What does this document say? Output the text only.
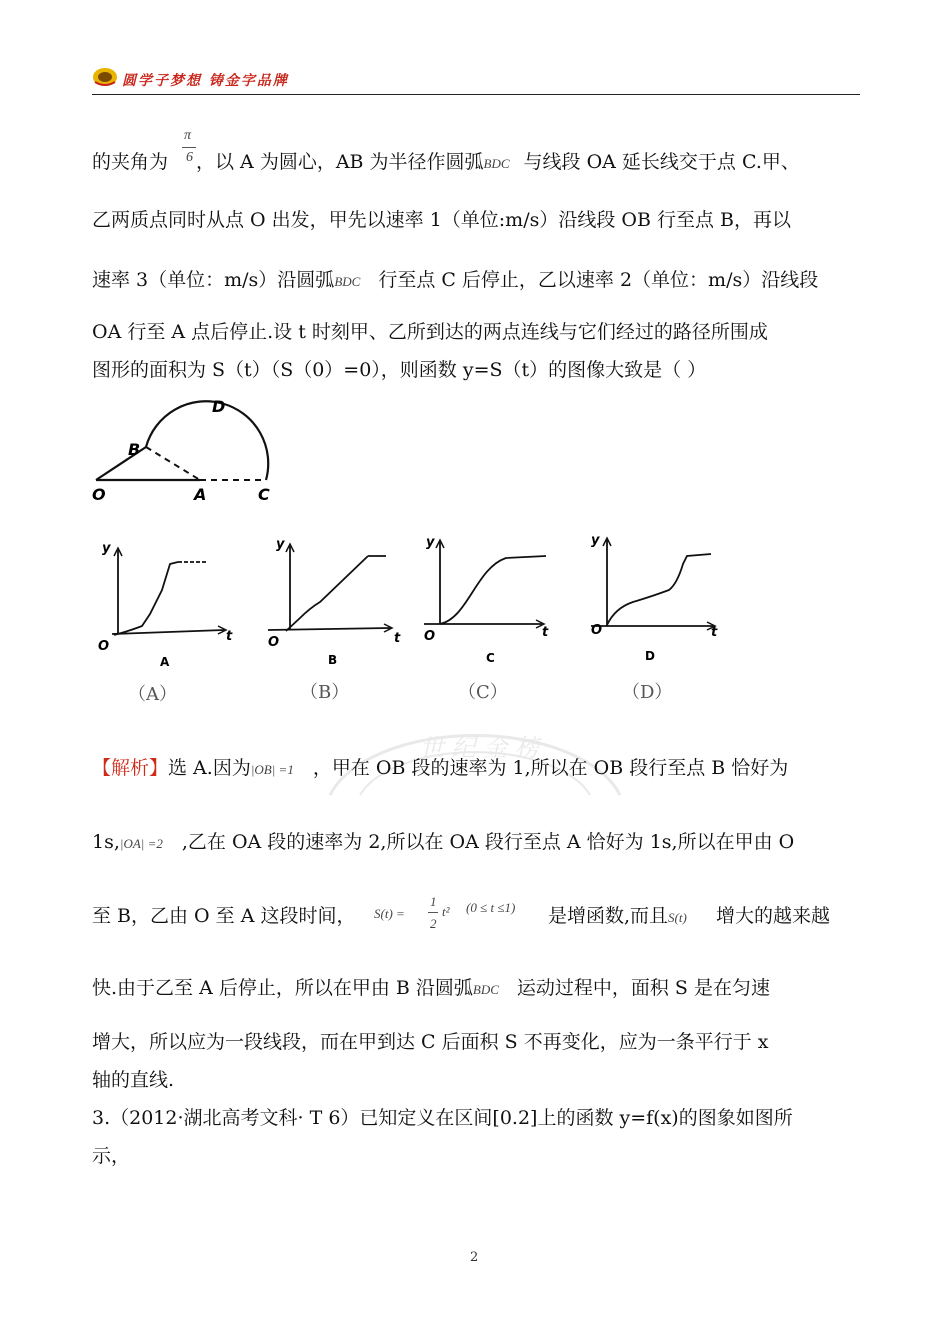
圆学子梦想 铸金字品牌
的夹角为 ，以 A 为圆心，AB 为半径作圆弧BDC 与线段 OA 延长线交于点 C.甲、
π
6
乙两质点同时从点 O 出发，甲先以速率 1（单位:m/s）沿线段 OB 行至点 B，再以
速率 3（单位：m/s）沿圆弧BDC 行至点 C 后停止，乙以速率 2（单位：m/s）沿线段
OA 行至 A 点后停止.设 t 时刻甲、乙所到达的两点连线与它们经过的路径所围成
图形的面积为 S（t）（S（0）=0），则函数 y=S（t）的图像大致是（ ）
B
D
O	A	C
y
t
O
A
y
t
O
B
y
t
O
C
y
t
O
D
（A）	（B）	（C）	（D）
世 纪 金 榜
【解析】选 A.因为|OB| =1 ，甲在 OB 段的速率为 1,所以在 OB 段行至点 B 恰好为
1s,|OA| =2 ,乙在 OA 段的速率为 2,所以在 OA 段行至点 A 恰好为 1s,所以在甲由 O
至 B，乙由 O 至 A 这段时间， S(t) =
1
2
t² (0 ≤ t ≤1) 是增函数,而且S(t) 增大的越来越
快.由于乙至 A 后停止，所以在甲由 B 沿圆弧BDC 运动过程中，面积 S 是在匀速
增大，所以应为一段线段，而在甲到达 C 后面积 S 不再变化，应为一条平行于 x
轴的直线.
3.（2012·湖北高考文科· T 6）已知定义在区间[0.2]上的函数 y=f(x)的图象如图所
示，
2
